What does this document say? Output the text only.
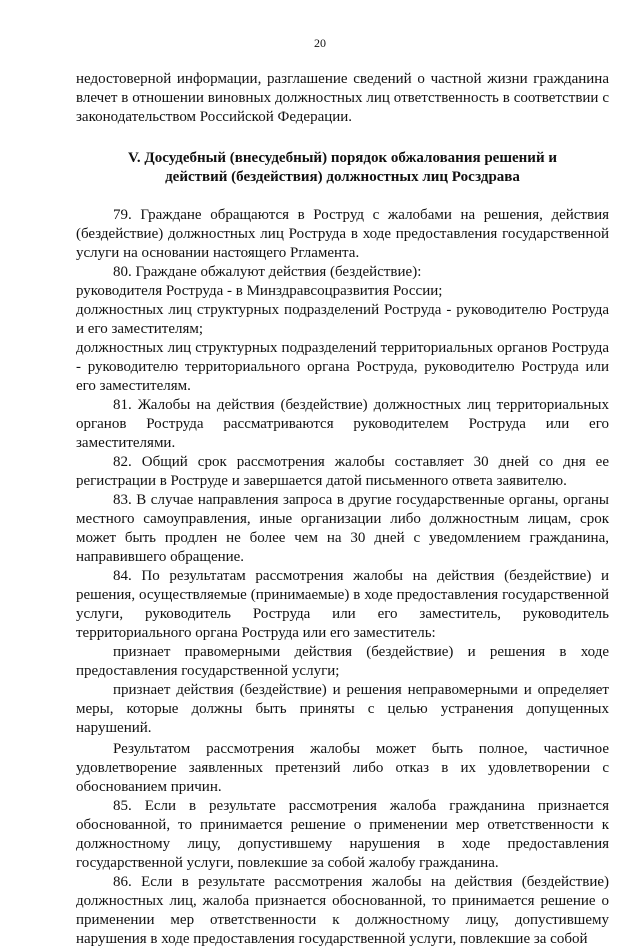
20

недостоверной информации, разглашение сведений о частной жизни гражданина влечет в отношении виновных должностных лиц ответственность в соответствии с законодательством Российской Федерации.

V. Досудебный (внесудебный) порядок обжалования решений и
действий (бездействия) должностных лиц Росздрава

79. Граждане обращаются в Роструд с жалобами на решения, действия (бездействие) должностных лиц Роструда в ходе предоставления государственной услуги на основании настоящего Ргламента.

80. Граждане обжалуют действия (бездействие):

руководителя Роструда - в Минздравсоцразвития России;

должностных лиц структурных подразделений Роструда - руководителю Роструда и его заместителям;

должностных лиц структурных подразделений территориальных органов Роструда - руководителю территориального органа Роструда, руководителю Роструда или его заместителям.

81. Жалобы на действия (бездействие) должностных лиц территориальных органов Роструда рассматриваются руководителем Роструда или его заместителями.

82. Общий срок рассмотрения жалобы составляет 30 дней со дня ее регистрации в Роструде и завершается датой письменного ответа заявителю.

83. В случае направления запроса в другие государственные органы, органы местного самоуправления, иные организации либо должностным лицам, срок может быть продлен не более чем на 30 дней с уведомлением гражданина, направившего обращение.

84. По результатам рассмотрения жалобы на действия (бездействие) и решения, осуществляемые (принимаемые) в ходе предоставления государственной услуги, руководитель Роструда или его заместитель, руководитель территориального органа Роструда или его заместитель:

признает правомерными действия (бездействие) и решения в ходе предоставления государственной услуги;

признает действия (бездействие) и решения неправомерными и определяет меры, которые должны быть приняты с целью устранения допущенных нарушений.

Результатом рассмотрения жалобы может быть полное, частичное удовлетворение заявленных претензий либо отказ в их удовлетворении с обоснованием причин.

85. Если в результате рассмотрения жалоба гражданина признается обоснованной, то принимается решение о применении мер ответственности к должностному лицу, допустившему нарушения в ходе предоставления государственной услуги, повлекшие за собой жалобу гражданина.

86. Если в результате рассмотрения жалобы на действия (бездействие) должностных лиц, жалоба признается обоснованной, то принимается решение о применении мер ответственности к должностному лицу, допустившему нарушения в ходе предоставления государственной услуги, повлекшие за собой
